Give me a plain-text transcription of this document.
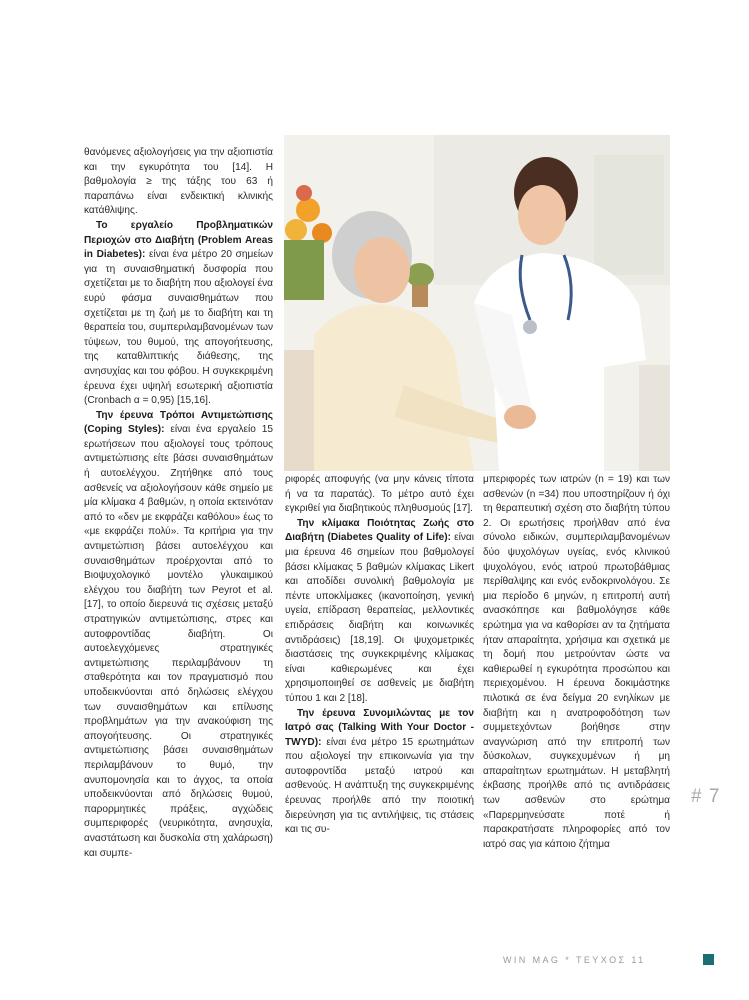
θανόμενες αξιολογήσεις για την αξιοπιστία και την εγκυρότητα του [14]. Η βαθμολογία ≥ της τάξης του 63 ή παραπάνω είναι ενδεικτική κλινικής κατάθλιψης.

Το εργαλείο Προβληματικών Περιοχών στο Διαβήτη (Problem Areas in Diabetes): είναι ένα μέτρο 20 σημείων για τη συναισθηματική δυσφορία που σχετίζεται με το διαβήτη που αξιολογεί ένα ευρύ φάσμα συναισθημάτων που σχετίζεται με τη ζωή με το διαβήτη και τη θεραπεία του, συμπεριλαμβανομένων των τύψεων, του θυμού, της απογοήτευσης, της καταθλιπτικής διάθεσης, της ανησυχίας και του φόβου. Η συγκεκριμένη έρευνα έχει υψηλή εσωτερική αξιοπιστία (Cronbach α = 0,95) [15,16].

Την έρευνα Τρόποι Αντιμετώπισης (Coping Styles): είναι ένα εργαλείο 15 ερωτήσεων που αξιολογεί τους τρόπους αντιμετώπισης είτε βάσει συναισθημάτων ή αυτοελέγχου. Ζητήθηκε από τους ασθενείς να αξιολογήσουν κάθε σημείο με μία κλίμακα 4 βαθμών, η οποία εκτεινόταν από το «δεν με εκφράζει καθόλου» έως το «με εκφράζει πολύ». Τα κριτήρια για την αντιμετώπιση βάσει αυτοελέγχου και συναισθημάτων προέρχονται από το Βιοψυχολογικό μοντέλο γλυκαιμικού ελέγχου του διαβήτη των Peyrot et al. [17], το οποίο διερευνά τις σχέσεις μεταξύ στρατηγικών αντιμετώπισης, στρες και αυτοφροντίδας διαβήτη. Οι αυτοελεγχόμενες στρατηγικές αντιμετώπισης περιλαμβάνουν τη σταθερότητα και τον πραγματισμό που υποδεικνύονται από δηλώσεις ελέγχου των συναισθημάτων και επίλυσης προβλημάτων για την ανακούφιση της απογοήτευσης. Οι στρατηγικές αντιμετώπισης βάσει συναισθημάτων περιλαμβάνουν το θυμό, την ανυπομονησία και το άγχος, τα οποία υποδεικνύονται από δηλώσεις θυμού, παρορμητικές πράξεις, αγχώδεις συμπεριφορές (νευρικότητα, ανησυχία, αναστάτωση και δυσκολία στη χαλάρωση) και συμπε-

ριφορές αποφυγής (να μην κάνεις τίποτα ή να τα παρατάς). Το μέτρο αυτό έχει εγκριθεί για διαβητικούς πληθυσμούς [17].

Την κλίμακα Ποιότητας Ζωής στο Διαβήτη (Diabetes Quality of Life): είναι μια έρευνα 46 σημείων που βαθμολογεί βάσει κλίμακας 5 βαθμών κλίμακας Likert και αποδίδει συνολική βαθμολογία με πέντε υποκλίμακες (ικανοποίηση, γενική υγεία, επίδραση θεραπείας, μελλοντικές επιδράσεις διαβήτη και κοινωνικές αντιδράσεις) [18,19]. Οι ψυχομετρικές διαστάσεις της συγκεκριμένης κλίμακας είναι καθιερωμένες και έχει χρησιμοποιηθεί σε ασθενείς με διαβήτη τύπου 1 και 2 [18].

Την έρευνα Συνομιλώντας με τον Ιατρό σας (Talking With Your Doctor - TWYD): είναι ένα μέτρο 15 ερωτημάτων που αξιολογεί την επικοινωνία για την αυτοφροντίδα μεταξύ ιατρού και ασθενούς. Η ανάπτυξη της συγκεκριμένης έρευνας προήλθε από την ποιοτική διερεύνηση για τις αντιλήψεις, τις στάσεις και τις συ-

μπεριφορές των ιατρών (n = 19) και των ασθενών (n =34) που υποστηρίζουν ή όχι τη θεραπευτική σχέση στο διαβήτη τύπου 2. Οι ερωτήσεις προήλθαν από ένα σύνολο ειδικών, συμπεριλαμβανομένων δύο ψυχολόγων υγείας, ενός κλινικού ψυχολόγου, ενός ιατρού πρωτοβάθμιας περίθαλψης και ενός ενδοκρινολόγου. Σε μια περίοδο 6 μηνών, η επιτροπή αυτή ανασκόπησε και βαθμολόγησε κάθε ερώτημα για να καθορίσει αν τα ζητήματα ήταν απαραίτητα, χρήσιμα και σχετικά με τη δομή που μετρούνταν ώστε να καθιερωθεί η εγκυρότητα προσώπου και περιεχομένου. Η έρευνα δοκιμάστηκε πιλοτικά σε ένα δείγμα 20 ενηλίκων με διαβήτη και η ανατροφοδότηση των συμμετεχόντων βοήθησε στην αναγνώριση από την επιτροπή των δύσκολων, συγκεχυμένων ή μη απαραίτητων ερωτημάτων. Η μεταβλητή έκβασης προήλθε από τις αντιδράσεις των ασθενών στο ερώτημα «Παρερμηνεύσατε ποτέ ή παρακρατήσατε πληροφορίες από τον ιατρό σας για κάποιο ζήτημα

# 7
WIN MAG * ΤΕΥΧΟΣ 11
